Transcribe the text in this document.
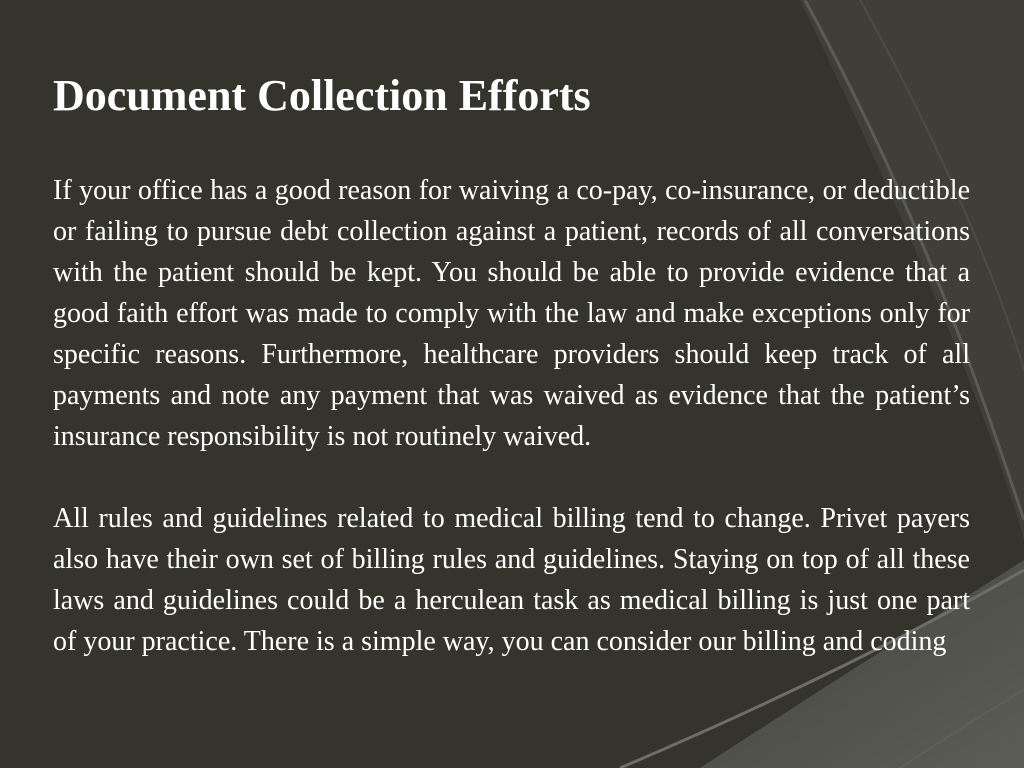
Document Collection Efforts

If your office has a good reason for waiving a co-pay, co-insurance, or deductible or failing to pursue debt collection against a patient, records of all conversations with the patient should be kept. You should be able to provide evidence that a good faith effort was made to comply with the law and make exceptions only for specific reasons. Furthermore, healthcare providers should keep track of all payments and note any payment that was waived as evidence that the patient’s insurance responsibility is not routinely waived.

All rules and guidelines related to medical billing tend to change. Privet payers also have their own set of billing rules and guidelines. Staying on top of all these laws and guidelines could be a herculean task as medical billing is just one part of your practice. There is a simple way, you can consider our billing and coding
